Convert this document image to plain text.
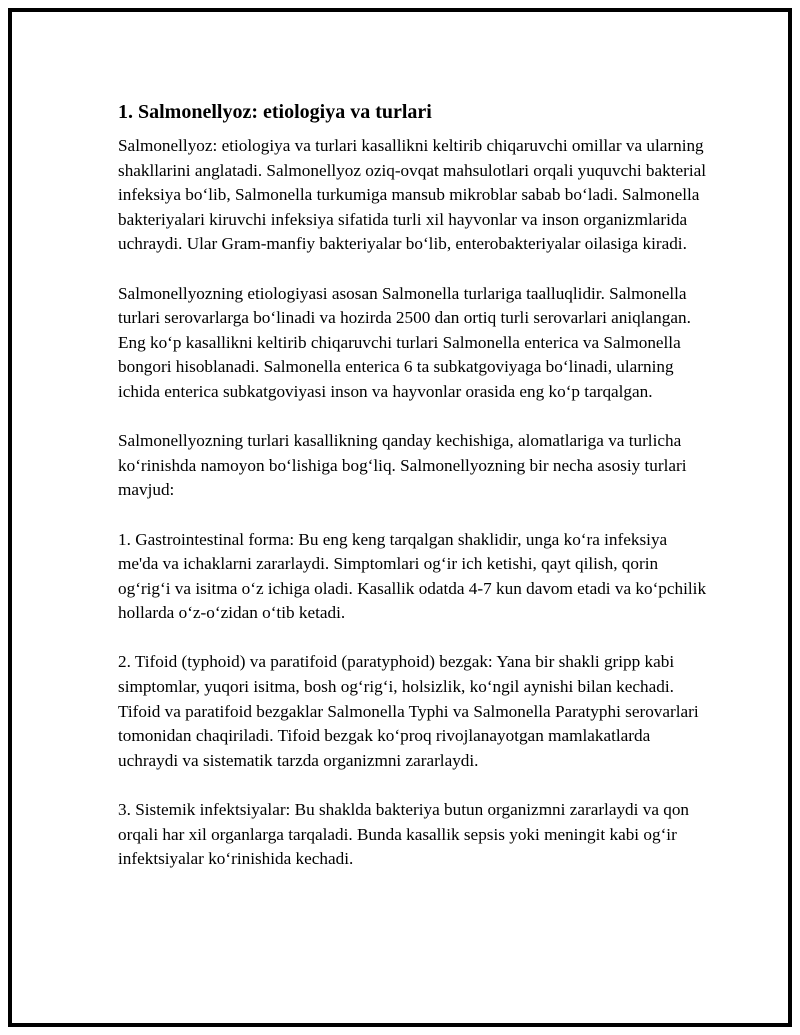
1. Salmonellyoz: etiologiya va turlari

Salmonellyoz: etiologiya va turlari kasallikni keltirib chiqaruvchi omillar va ularning shakllarini anglatadi. Salmonellyoz oziq-ovqat mahsulotlari orqali yuquvchi bakterial infeksiya bo‘lib, Salmonella turkumiga mansub mikroblar sabab bo‘ladi. Salmonella bakteriyalari kiruvchi infeksiya sifatida turli xil hayvonlar va inson organizmlarida uchraydi. Ular Gram-manfiy bakteriyalar bo‘lib, enterobakteriyalar oilasiga kiradi.

Salmonellyozning etiologiyasi asosan Salmonella turlariga taalluqlidir. Salmonella turlari serovarlarga bo‘linadi va hozirda 2500 dan ortiq turli serovarlari aniqlangan. Eng ko‘p kasallikni keltirib chiqaruvchi turlari Salmonella enterica va Salmonella bongori hisoblanadi. Salmonella enterica 6 ta subkatgoviyaga bo‘linadi, ularning ichida enterica subkatgoviyasi inson va hayvonlar orasida eng ko‘p tarqalgan.

Salmonellyozning turlari kasallikning qanday kechishiga, alomatlariga va turlicha ko‘rinishda namoyon bo‘lishiga bog‘liq. Salmonellyozning bir necha asosiy turlari mavjud:

1. Gastrointestinal forma: Bu eng keng tarqalgan shaklidir, unga ko‘ra infeksiya me'da va ichaklarni zararlaydi. Simptomlari og‘ir ich ketishi, qayt qilish, qorin og‘rig‘i va isitma o‘z ichiga oladi. Kasallik odatda 4-7 kun davom etadi va ko‘pchilik hollarda o‘z-o‘zidan o‘tib ketadi.

2. Tifoid (typhoid) va paratifoid (paratyphoid) bezgak: Yana bir shakli gripp kabi simptomlar, yuqori isitma, bosh og‘rig‘i, holsizlik, ko‘ngil aynishi bilan kechadi. Tifoid va paratifoid bezgaklar Salmonella Typhi va Salmonella Paratyphi serovarlari tomonidan chaqiriladi. Tifoid bezgak ko‘proq rivojlanayotgan mamlakatlarda uchraydi va sistematik tarzda organizmni zararlaydi.

3. Sistemik infektsiyalar: Bu shaklda bakteriya butun organizmni zararlaydi va qon orqali har xil organlarga tarqaladi. Bunda kasallik sepsis yoki meningit kabi og‘ir infektsiyalar ko‘rinishida kechadi.
